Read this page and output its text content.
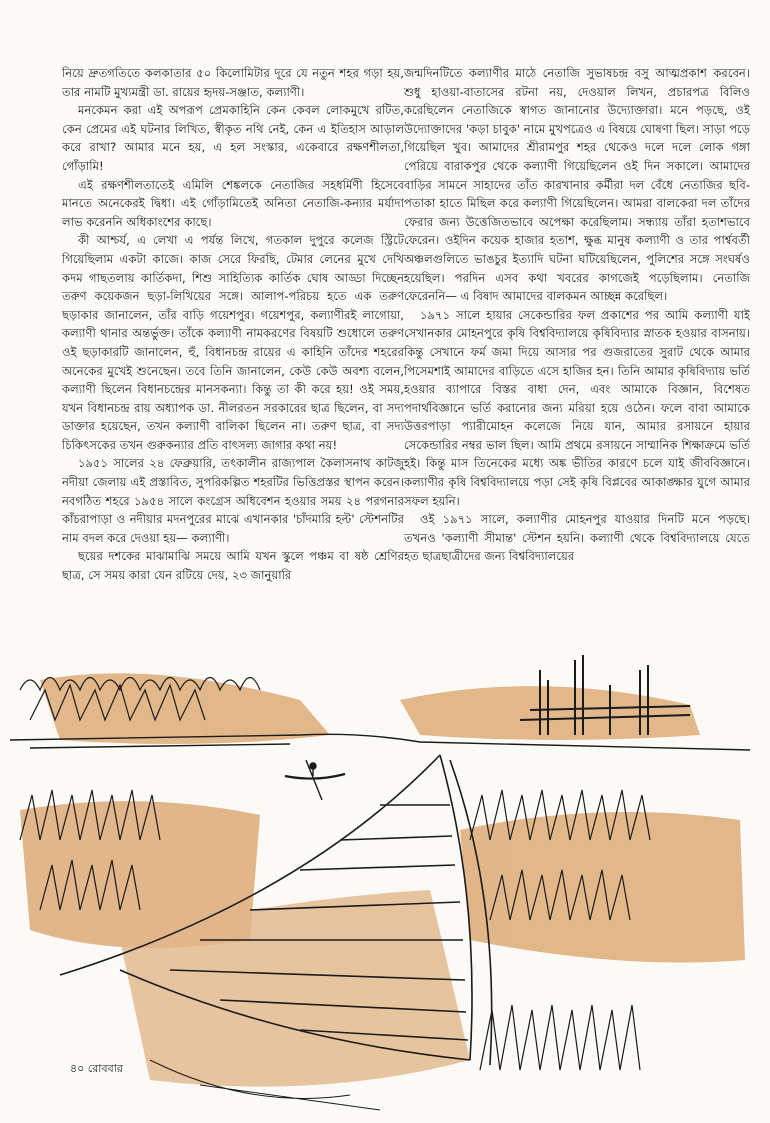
নিয়ে দ্রুতগতিতে কলকাতার ৫০ কিলোমিটার দূরে যে নতুন শহর গড়া হয়, তার নামটি মুখ্যমন্ত্রী ডা. রায়ের হৃদয়-সঞ্জাত, কল্যাণী।

মনকেমন করা এই অপরূপ প্রেমকাহিনি কেন কেবল লোকমুখে রটিত, কেন প্রেমের এই ঘটনার লিখিত, স্বীকৃত নথি নেই, কেন এ ইতিহাস আড়াল করে রাখা? আমার মনে হয়, এ হল সংস্কার, একেবারে রক্ষণশীলতা, গোঁড়ামি!

এই রক্ষণশীলতাতেই এমিলি শেঙ্কলকে নেতাজির সহধর্মিণী হিসেবে মানতে অনেকেরই দ্বিধা। এই গোঁড়ামিতেই অনিতা নেতাজি-কন্যার মর্যাদা লাভ করেননি অধিকাংশের কাছে।

কী আশ্চর্য, এ লেখা এ পর্যন্ত লিখে, গতকাল দুপুরে কলেজ স্ট্রিটে গিয়েছিলাম একটা কাজে। কাজ সেরে ফিরছি, টেমার লেনের মুখে দেখি কদম গাছতলায় কার্তিকদা, শিশু সাহিত্যিক কার্তিক ঘোষ আড্ডা দিচ্ছেন তরুণ কয়েকজন ছড়া-লিখিয়ের সঙ্গে। আলাপ-পরিচয় হতে এক তরুণ ছড়াকার জানালেন, তাঁর বাড়ি গয়েশপুর। গয়েশপুর, কল্যাণীরই লাগোয়া, কল্যাণী থানার অন্তর্ভুক্ত। তাঁকে কল্যাণী নামকরণের বিষয়টি শুধোলে তরুণ ওই ছড়াকারটি জানালেন, হুঁ, বিধানচন্দ্র রায়ের এ কাহিনি তাঁদের শহরের অনেকের মুখেই শুনেছেন। তবে তিনি জানালেন, কেউ কেউ অবশ্য বলেন, কল্যাণী ছিলেন বিধানচন্দ্রের মানসকন্যা। কিন্তু তা কী করে হয়! ওই সময়, যখন বিধানচন্দ্র রায় অধ্যাপক ডা. নীলরতন সরকারের ছাত্র ছিলেন, বা সদ্য ডাক্তার হয়েছেন, তখন কল্যাণী বালিকা ছিলেন না। তরুণ ছাত্র, বা সদ্য চিকিৎসকের তখন গুরুকন্যার প্রতি বাৎসল্য জাগার কথা নয়!

১৯৫১ সালের ২৪ ফেব্রুয়ারি, তৎকালীন রাজ্যপাল কৈলাসনাথ কাটজু নদীয়া জেলায় এই প্রস্তাবিত, সুপরিকল্পিত শহরটির ভিত্তিপ্রস্তর স্থাপন করেন। নবগঠিত শহরে ১৯৫৪ সালে কংগ্রেস অধিবেশন হওয়ার সময় ২৪ পরগনার কাঁচরাপাড়া ও নদীয়ার মদনপুরের মাঝে এখানকার 'চাঁদমারি হল্ট' স্টেশনটির নাম বদল করে দেওয়া হয়— কল্যাণী।

ছয়ের দশকের মাঝামাঝি সময়ে আমি যখন স্কুলে পঞ্চম বা ষষ্ঠ শ্রেণির ছাত্র, সে সময় কারা যেন রটিয়ে দেয়, ২৩ জানুয়ারি

জন্মদিনটিতে কল্যাণীর মাঠে নেতাজি সুভাষচন্দ্র বসু আত্মপ্রকাশ করবেন। শুধু হাওয়া-বাতাসের রটনা নয়, দেওয়াল লিখন, প্রচারপত্র বিলিও করেছিলেন নেতাজিকে স্বাগত জানানোর উদ্যোক্তারা। মনে পড়ছে, ওই উদ্যোক্তাদের 'কড়া চাবুক' নামে মুখপত্রেও এ বিষয়ে ঘোষণা ছিল। সাড়া পড়ে গিয়েছিল খুব। আমাদের শ্রীরামপুর শহর থেকেও দলে দলে লোক গঙ্গা পেরিয়ে বারাকপুর থেকে কল্যাণী গিয়েছিলেন ওই দিন সকালে। আমাদের বাড়ির সামনে সাহাদের তাঁত কারখানার কর্মীরা দল বেঁধে নেতাজির ছবি-পতাকা হাতে মিছিল করে কল্যাণী গিয়েছিলেন। আমরা বালকেরা দল তাঁদের ফেরার জন্য উত্তেজিতভাবে অপেক্ষা করেছিলাম। সন্ধ্যায় তাঁরা হতাশভাবে ফেরেন। ওইদিন কয়েক হাজার হতাশ, ক্ষুব্ধ মানুষ কল্যাণী ও তার পার্শ্ববর্তী অঞ্চলগুলিতে ভাঙচুর ইত্যাদি ঘটনা ঘটিয়েছিলেন, পুলিশের সঙ্গে সংঘর্ষও হয়েছিল। পরদিন এসব কথা খবরের কাগজেই পড়েছিলাম। নেতাজি ফেরেননি— এ বিষাদ আমাদের বালকমন আচ্ছন্ন করেছিল।

১৯৭১ সালে হায়ার সেকেন্ডারির ফল প্রকাশের পর আমি কল্যাণী যাই সেখানকার মোহনপুরে কৃষি বিশ্ববিদ্যালয়ে কৃষিবিদ্যার স্নাতক হওয়ার বাসনায়। কিন্তু সেখানে ফর্ম জমা দিয়ে আসার পর গুজরাতের সুরাট থেকে আমার পিসেমশাই আমাদের বাড়িতে এসে হাজির হন। তিনি আমার কৃষিবিদ্যায় ভর্তি হওয়ার ব্যাপারে বিস্তর বাধা দেন, এবং আমাকে বিজ্ঞান, বিশেষত পদার্থবিজ্ঞানে ভর্তি করানোর জন্য মরিয়া হয়ে ওঠেন। ফলে বাবা আমাকে উত্তরপাড়া প্যারীমোহন কলেজে নিয়ে যান, আমার রসায়নে হায়ার সেকেন্ডারির নম্বর ভাল ছিল। আমি প্রথমে রসায়নে সাম্মানিক শিক্ষাক্রমে ভর্তি হই। কিন্তু মাস তিনেকের মধ্যে অঙ্ক ভীতির কারণে চলে যাই জীববিজ্ঞানে। কল্যাণীর কৃষি বিশ্ববিদ্যালয়ে পড়া সেই কৃষি বিপ্লবের আকাঙ্ক্ষার যুগে আমার সফল হয়নি।

ওই ১৯৭১ সালে, কল্যাণীর মোহনপুর যাওয়ার দিনটি মনে পড়ছে। তখনও 'কল্যাণী সীমান্ত' স্টেশন হয়নি। কল্যাণী থেকে বিশ্ববিদ্যালয়ে যেতে হত ছাত্রছাত্রীদের জন্য বিশ্ববিদ্যালয়ের

৪০ রোববার
